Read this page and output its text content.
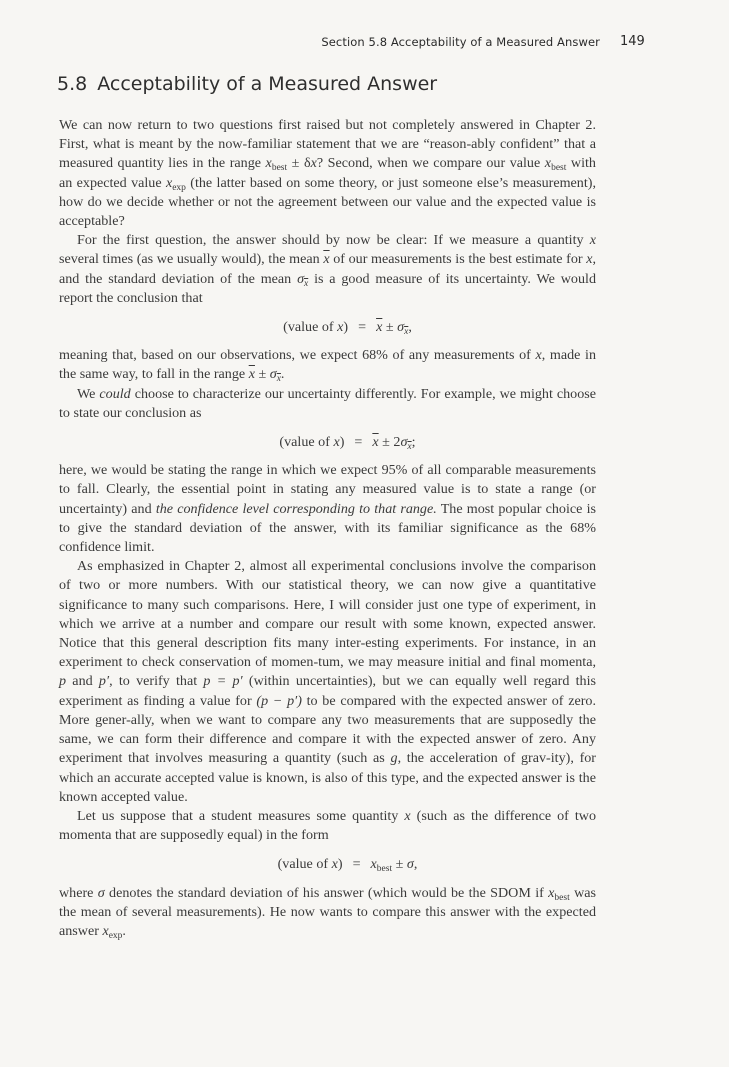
Section 5.8 Acceptability of a Measured Answer 149
5.8 Acceptability of a Measured Answer

We can now return to two questions first raised but not completely answered in Chapter 2. First, what is meant by the now-familiar statement that we are “reason-ably confident” that a measured quantity lies in the range $x_{best} \pm \delta x$? Second, when we compare our value $x_{best}$ with an expected value $x_{exp}$ (the latter based on some theory, or just someone else’s measurement), how do we decide whether or not the agreement between our value and the expected value is acceptable?

For the first question, the answer should by now be clear: If we measure a quantity x several times (as we usually would), the mean $\overline{x}$ of our measurements is the best estimate for x, and the standard deviation of the mean $\sigma_{\overline{x}}$ is a good measure of its uncertainty. We would report the conclusion that

(value of $x) = \overline{x} \pm \sigma_{\overline{x}}$,

meaning that, based on our observations, we expect 68% of any measurements of x, made in the same way, to fall in the range $\overline{x} \pm \sigma_{\overline{x}}$.

We could choose to characterize our uncertainty differently. For example, we might choose to state our conclusion as

(value of $x) = \overline{x} \pm 2\sigma_{\overline{x}}$;

here, we would be stating the range in which we expect 95% of all comparable measurements to fall. Clearly, the essential point in stating any measured value is to state a range (or uncertainty) and the confidence level corresponding to that range. The most popular choice is to give the standard deviation of the answer, with its familiar significance as the 68% confidence limit.

As emphasized in Chapter 2, almost all experimental conclusions involve the comparison of two or more numbers. With our statistical theory, we can now give a quantitative significance to many such comparisons. Here, I will consider just one type of experiment, in which we arrive at a number and compare our result with some known, expected answer. Notice that this general description fits many inter-esting experiments. For instance, in an experiment to check conservation of momen-tum, we may measure initial and final momenta, p and p′, to verify that p = p′ (within uncertainties), but we can equally well regard this experiment as finding a value for (p − p′) to be compared with the expected answer of zero. More gener-ally, when we want to compare any two measurements that are supposedly the same, we can form their difference and compare it with the expected answer of zero. Any experiment that involves measuring a quantity (such as g, the acceleration of grav-ity), for which an accurate accepted value is known, is also of this type, and the expected answer is the known accepted value.

Let us suppose that a student measures some quantity x (such as the difference of two momenta that are supposedly equal) in the form

(value of $x) = x_{best} \pm \sigma$,

where σ denotes the standard deviation of his answer (which would be the SDOM if $x_{best}$ was the mean of several measurements). He now wants to compare this answer with the expected answer $x_{exp}$.
